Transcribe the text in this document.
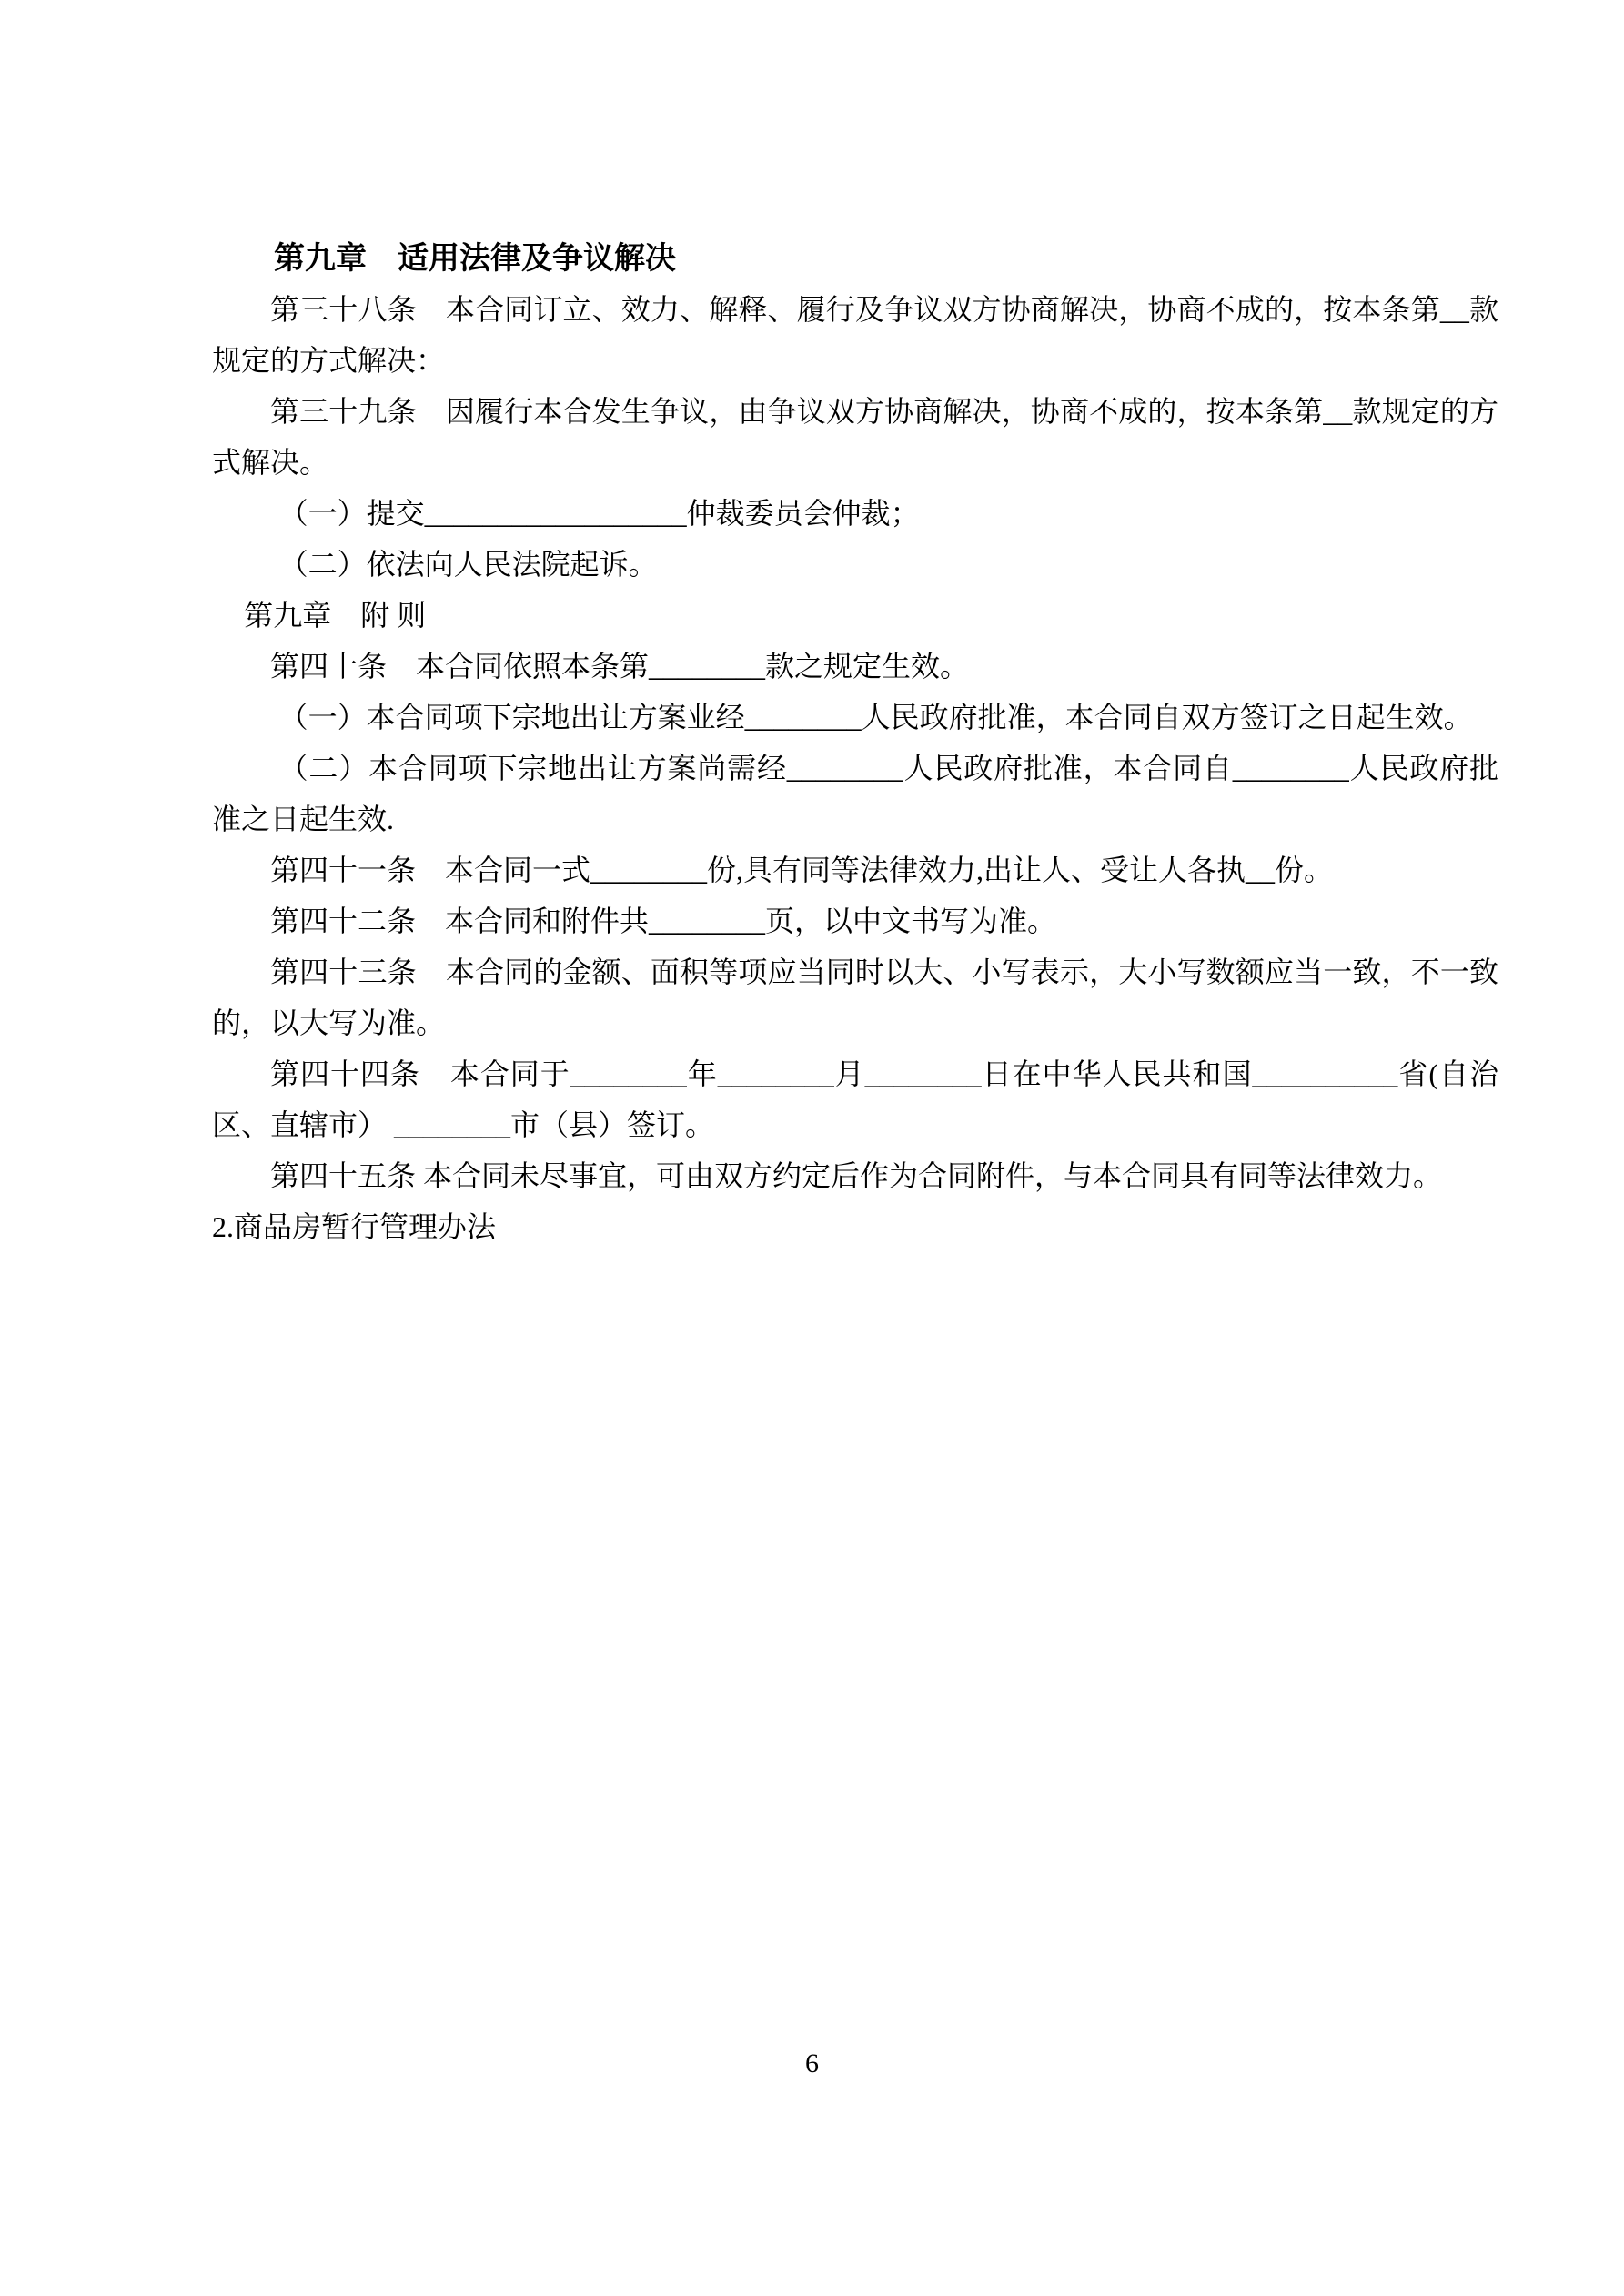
第九章　适用法律及争议解决

第三十八条　本合同订立、效力、解释、履行及争议双方协商解决，协商不成的，按本条第__款规定的方式解决：

第三十九条　因履行本合发生争议，由争议双方协商解决，协商不成的，按本条第__款规定的方式解决。

（一）提交__________________仲裁委员会仲裁；

（二）依法向人民法院起诉。

第九章　附 则

第四十条　本合同依照本条第________款之规定生效。

（一）本合同项下宗地出让方案业经________人民政府批准，本合同自双方签订之日起生效。

（二）本合同项下宗地出让方案尚需经________人民政府批准，本合同自________人民政府批准之日起生效.

第四十一条　本合同一式________份,具有同等法律效力,出让人、受让人各执__份。

第四十二条　本合同和附件共________页，以中文书写为准。

第四十三条　本合同的金额、面积等项应当同时以大、小写表示，大小写数额应当一致，不一致的，以大写为准。

第四十四条　本合同于________年________月________日在中华人民共和国__________省(自治区、直辖市） ________市（县）签订。

第四十五条 本合同未尽事宜，可由双方约定后作为合同附件，与本合同具有同等法律效力。

2.商品房暂行管理办法

6
